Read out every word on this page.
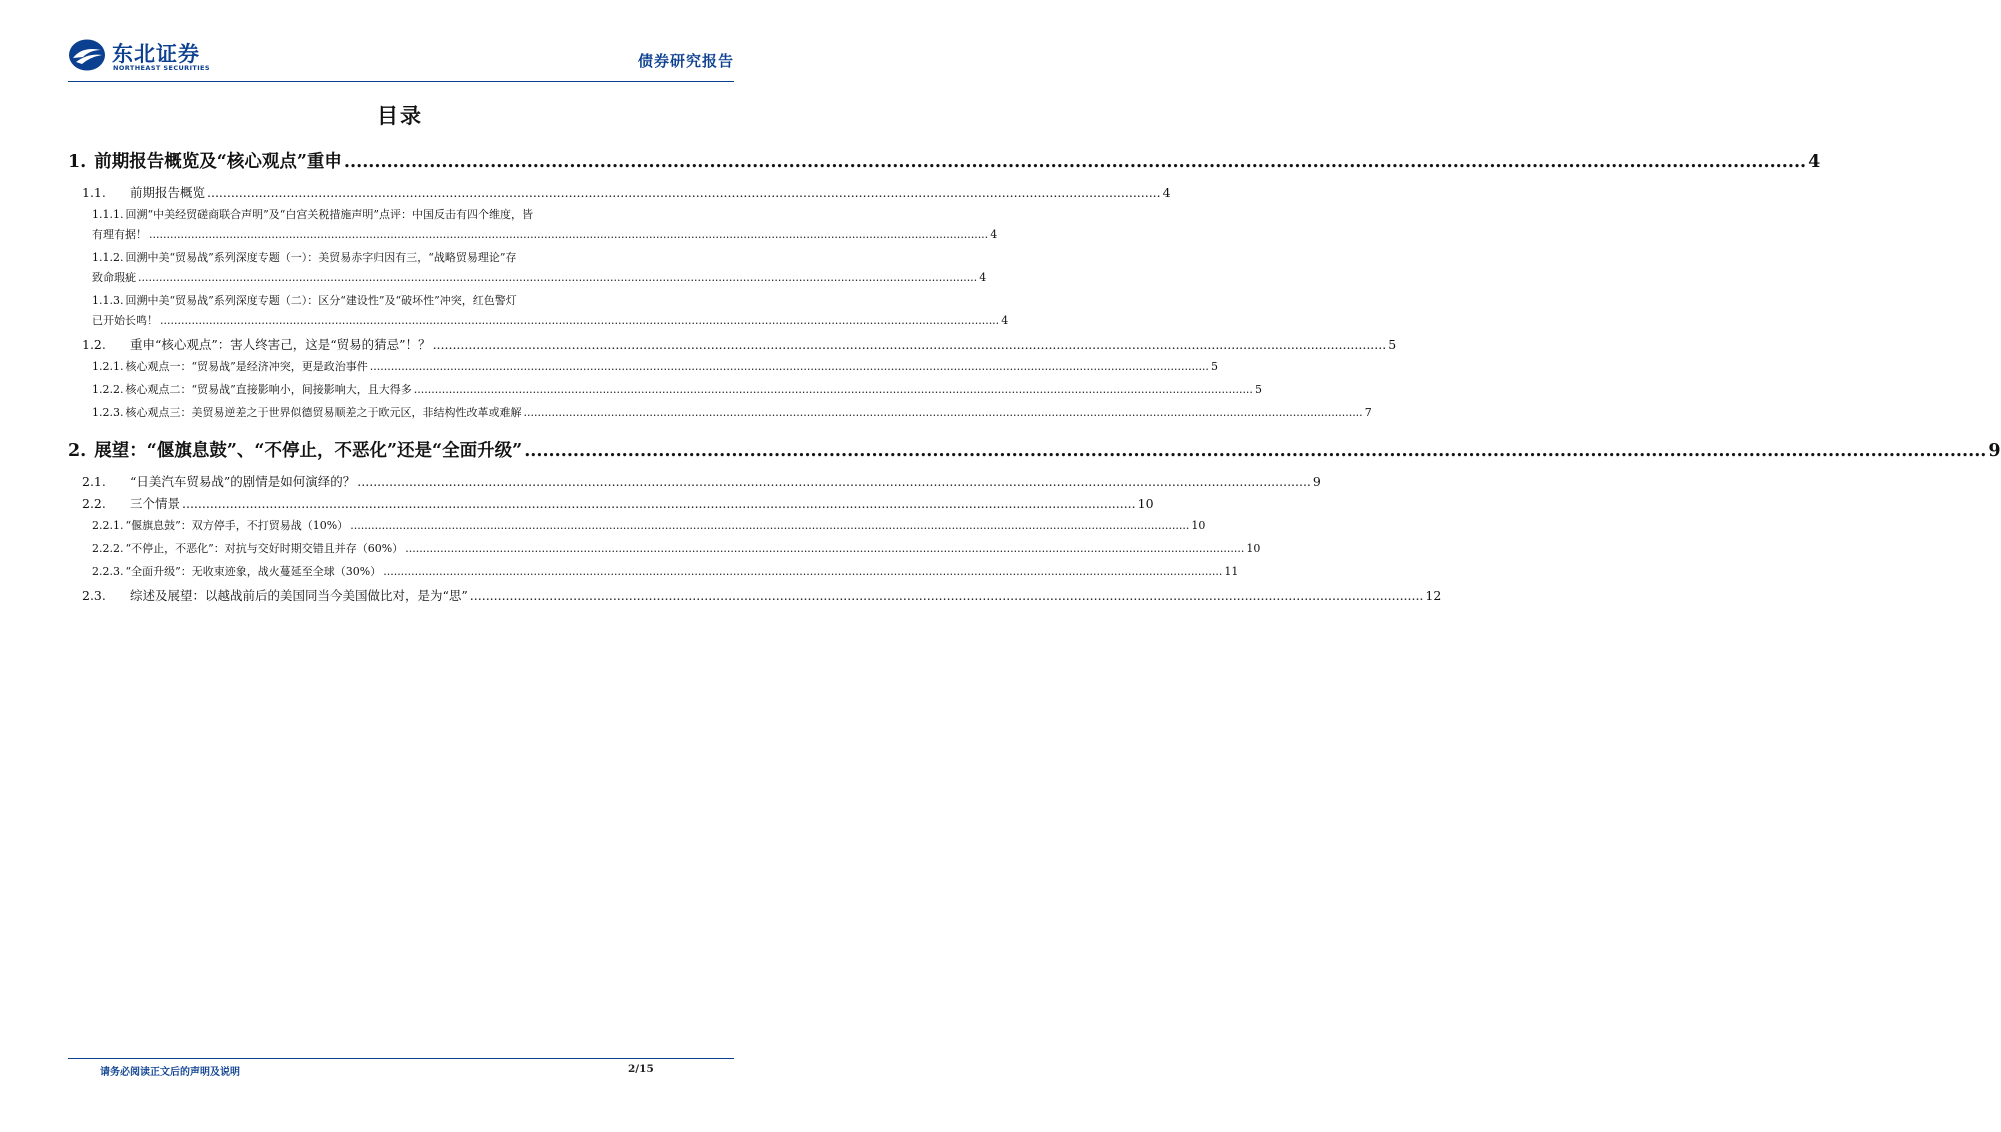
东北证券
NORTHEAST SECURITIES	债券研究报告
目录
1. 前期报告概览及“核心观点”重申 .....	4
1.1. 前期报告概览 .....	4
1.1.1. 回溯“中美经贸磋商联合声明”及“白宫关税措施声明”点评：中国反击有四个维度，皆
有理有据！ .....	4
1.1.2. 回溯中美“贸易战”系列深度专题（一）：美贸易赤字归因有三，“战略贸易理论”存
致命瑕疵 .....	4
1.1.3. 回溯中美“贸易战”系列深度专题（二）：区分“建设性”及“破坏性”冲突，红色警灯
已开始长鸣！ .....	4
1.2. 重申“核心观点”：害人终害己，这是“贸易的猜忌”！？ .....	5
1.2.1. 核心观点一：“贸易战”是经济冲突，更是政治事件 .....	5
1.2.2. 核心观点二：“贸易战”直接影响小，间接影响大，且大得多 .....	5
1.2.3. 核心观点三：美贸易逆差之于世界似德贸易顺差之于欧元区，非结构性改革或难解 .....	7
2. 展望：“偃旗息鼓”、“不停止，不恶化”还是“全面升级” .....	9
2.1. “日美汽车贸易战”的剧情是如何演绎的？ .....	9
2.2. 三个情景 .....	10
2.2.1. “偃旗息鼓”：双方停手，不打贸易战（10%） .....	10
2.2.2. “不停止，不恶化”：对抗与交好时期交错且并存（60%） .....	10
2.2.3. “全面升级”：无收束迹象，战火蔓延至全球（30%） .....	11
2.3. 综述及展望：以越战前后的美国同当今美国做比对，是为“思” .....	12
请务必阅读正文后的声明及说明	2/15
